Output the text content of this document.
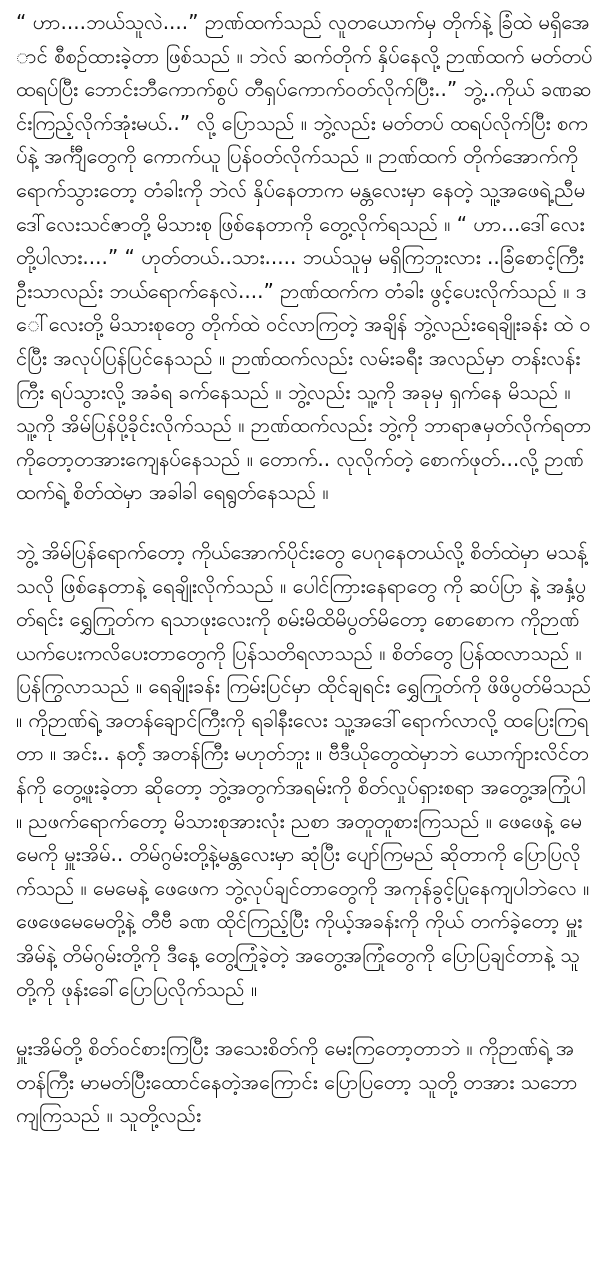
“ ဟာ....ဘယ်သူလဲ....” ဉာဏ်ထက်သည် လူတယောက်မှ တိုက်နဲ့ ခြံထဲ မရှိအောင် စီစဉ်ထားခဲ့တာ ဖြစ်သည် ။ ဘဲလ် ဆက်တိုက် နှိပ်နေလို့ ဉာဏ်ထက် မတ်တပ် ထရပ်ပြီး ဘောင်းဘီကောက်စွပ် တီရှပ်ကောက်ဝတ်လိုက်ပြီး..” ဘွဲ့..ကိုယ် ခဏဆင်းကြည့်လိုက်အုံးမယ်..” လို့ ပြောသည် ။ ဘွဲ့လည်း မတ်တပ် ထရပ်လိုက်ပြီး စကပ်နဲ့ အင်္ကျီတွေကို ကောက်ယူ ပြန်ဝတ်လိုက်သည် ။ ဉာဏ်ထက် တိုက်အောက်ကို ရောက်သွားတော့ တံခါးကို ဘဲလ် နှိပ်နေတာက မန္တလေးမှာ နေတဲ့ သူ့အဖေရဲ့ညီမ ဒေါ်လေးသင်ဇာတို့ မိသားစု ဖြစ်နေတာကို တွေ့လိုက်ရသည် ။ “ ဟာ...ဒေါ်လေးတို့ပါလား....” “ ဟုတ်တယ်..သား..... ဘယ်သူမှ မရှိကြဘူးလား ..ခြံစောင့်ကြီး ဦးသာလည်း ဘယ်ရောက်နေလဲ....” ဉာဏ်ထက်က တံခါး ဖွင့်ပေးလိုက်သည် ။ ဒေါ်လေးတို့ မိသားစုတွေ တိုက်ထဲ ဝင်လာကြတဲ့ အချိန် ဘွဲ့လည်းရေချိုးခန်း ထဲ ဝင်ပြီး အလုပ်ပြန်ပြင်နေသည် ။ ဉာဏ်ထက်လည်း လမ်းခရီး အလည်မှာ တန်းလန်းကြီး ရပ်သွားလို့ အခံရ ခက်နေသည် ။ ဘွဲ့လည်း သူ့ကို အခုမှ ရှက်နေ မိသည် ။ သူ့ကို အိမ်ပြန်ပို့ခိုင်းလိုက်သည် ။ ဉာဏ်ထက်လည်း ဘွဲ့ကို ဘာရာဇမှတ်လိုက်ရတာ ကိုတော့တအားကျေနပ်နေသည် ။ တောက်.. လုလိုက်တဲ့ စောက်ဖုတ်...လို့ ဉာဏ်ထက်ရဲ့ စိတ်ထဲမှာ အခါခါ ရေရွတ်နေသည် ။

ဘွဲ့ အိမ်ပြန်ရောက်တော့ ကိုယ်အောက်ပိုင်းတွေ ပေဂုနေတယ်လို့ စိတ်ထဲမှာ မသန့်သလို ဖြစ်နေတာနဲ့ ရေချိုးလိုက်သည် ။ ပေါင်ကြားနေရာတွေ ကို ဆပ်ပြာ နဲ့ အနှံ့ပွတ်ရင်း ရွှေကြုတ်က ရသာဖုးလေးကို စမ်းမိထိမိပွတ်မိတော့ စောစောက ကိုဉာဏ် ယက်ပေးကလိပေးတာတွေကို ပြန်သတိရလာသည် ။ စိတ်တွေ ပြန်ထလာသည် ။ပြန်ကြွလာသည် ။ ရေချိုးခန်း ကြမ်းပြင်မှာ ထိုင်ချရင်း ရွှေကြုတ်ကို ဖိဖိပွတ်မိသည် ။ ကိုဉာဏ်ရဲ့ အတန်ချောင်ကြီးကို ရခါနီးလေး သူ့အဒေါ်ရောက်လာလို့ ထပြေးကြရတာ ။ အင်း.. နတ်ဲ့ အတန်ကြီး မဟုတ်ဘူး ။ ဗီဒီယိုတွေထဲမှာဘဲ ယောက်ျားလိင်တန်ကို တွေ့ဖူးခဲ့တာ ဆိုတော့ ဘွဲ့အတွက်အရမ်းကို စိတ်လှုပ်ရှားစရာ အတွေ့အကြုံပါ ။ ညဖက်ရောက်တော့ မိသားစုအားလုံး ညစာ အတူတူစားကြသည် ။ ဖေဖေနဲ့ မေမေကို မှူးအိမ်.. တိမ်ဂွမ်းတို့နဲ့မန္တလေးမှာ ဆုံပြီး ပျော်ကြမည် ဆိုတာကို ပြောပြလိုက်သည် ။ မေမေနဲ့ ဖေဖေက ဘွဲ့လုပ်ချင်တာတွေကို အကုန်ခွင့်ပြုနေကျပါဘဲလေ ။ ဖေဖေမေမေတို့နဲ့ တီဗီ ခဏ ထိုင်ကြည့်ပြီး ကိုယ့်အခန်းကို ကိုယ် တက်ခဲ့တော့ မှူးအိမ်နဲ့ တိမ်ဂွမ်းတို့ကို ဒီနေ့ တွေ့ကြုံခဲ့တဲ့ အတွေ့အကြုံတွေကို ပြောပြချင်တာနဲ့ သူတို့ကို ဖုန်းခေါ်ပြောပြလိုက်သည် ။

မှူးအိမ်တို့ စိတ်ဝင်စားကြပြီး အသေးစိတ်ကို မေးကြတော့တာဘဲ ။ ကိုဉာဏ်ရဲ့ အတန်ကြီး မာမတ်ပြီးထောင်နေတဲ့အကြောင်း ပြောပြတော့ သူတို့ တအား သဘောကျကြသည် ။ သူတို့လည်း
